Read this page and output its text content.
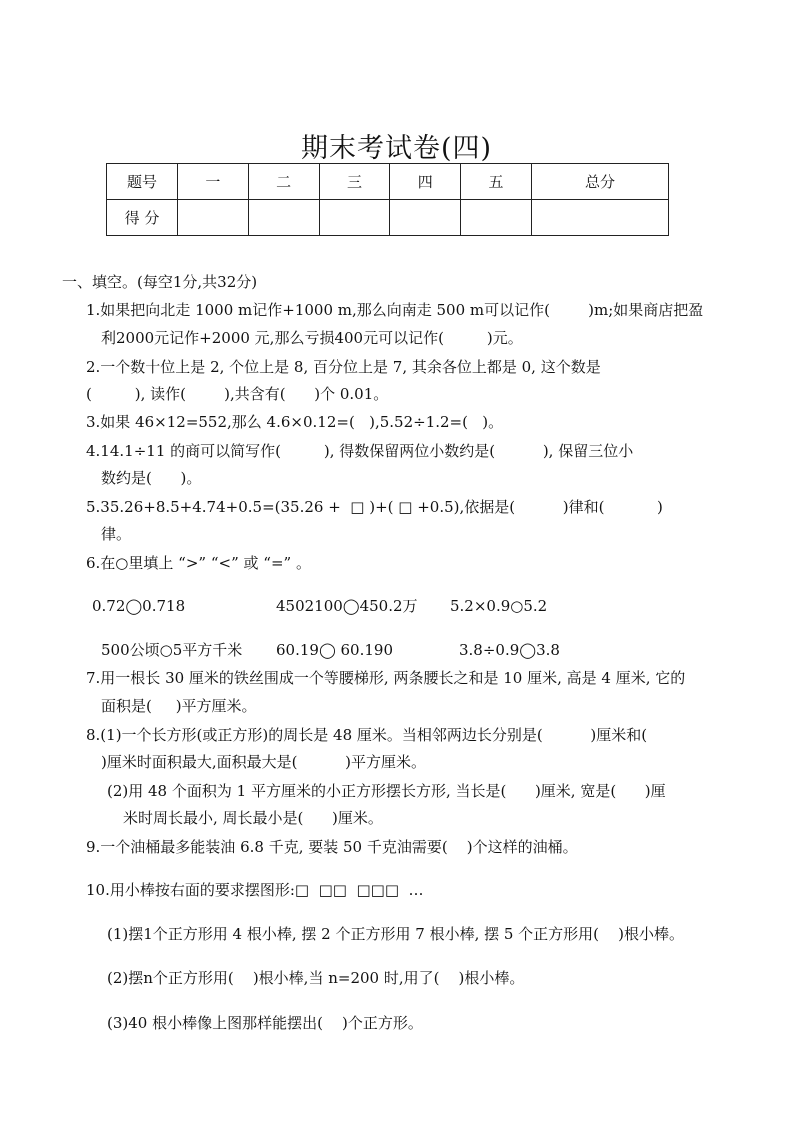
期末考试卷(四)
题号	一	二	三	四	五	总分
得 分						
一、填空。(每空1分,共32分)
1.如果把向北走 1000 m记作+1000 m,那么向南走 500 m可以记作(        )m;如果商店把盈
利2000元记作+2000 元,那么亏损400元可以记作(         )元。
2.一个数十位上是 2, 个位上是 8, 百分位上是 7, 其余各位上都是 0, 这个数是
(         ), 读作(        ),共含有(      )个 0.01。
3.如果 46×12=552,那么 4.6×0.12=(   ),5.52÷1.2=(   )。
4.14.1÷11 的商可以简写作(         ), 得数保留两位小数约是(          ), 保留三位小
数约是(      )。
5.35.26+8.5+4.74+0.5=(35.26 +  □ )+( □ +0.5),依据是(          )律和(           )
律。
6.在○里填上 “>” “<” 或 “=” 。
0.72◯0.718	4502100◯450.2万 5.2×0.9○5.2
500公顷○5平方千米 60.19◯ 60.190	3.8÷0.9◯3.8
7.用一根长 30 厘米的铁丝围成一个等腰梯形, 两条腰长之和是 10 厘米, 高是 4 厘米, 它的
面积是(     )平方厘米。
8.(1)一个长方形(或正方形)的周长是 48 厘米。当相邻两边长分别是(          )厘米和(
)厘米时面积最大,面积最大是(          )平方厘米。
(2)用 48 个面积为 1 平方厘米的小正方形摆长方形, 当长是(      )厘米, 宽是(      )厘
米时周长最小, 周长最小是(      )厘米。
9.一个油桶最多能装油 6.8 千克, 要装 50 千克油需要(    )个这样的油桶。
10.用小棒按右面的要求摆图形:□  □□  □□□  …
(1)摆1个正方形用 4 根小棒, 摆 2 个正方形用 7 根小棒, 摆 5 个正方形用(    )根小棒。
(2)摆n个正方形用(    )根小棒,当 n=200 时,用了(    )根小棒。
(3)40 根小棒像上图那样能摆出(    )个正方形。
